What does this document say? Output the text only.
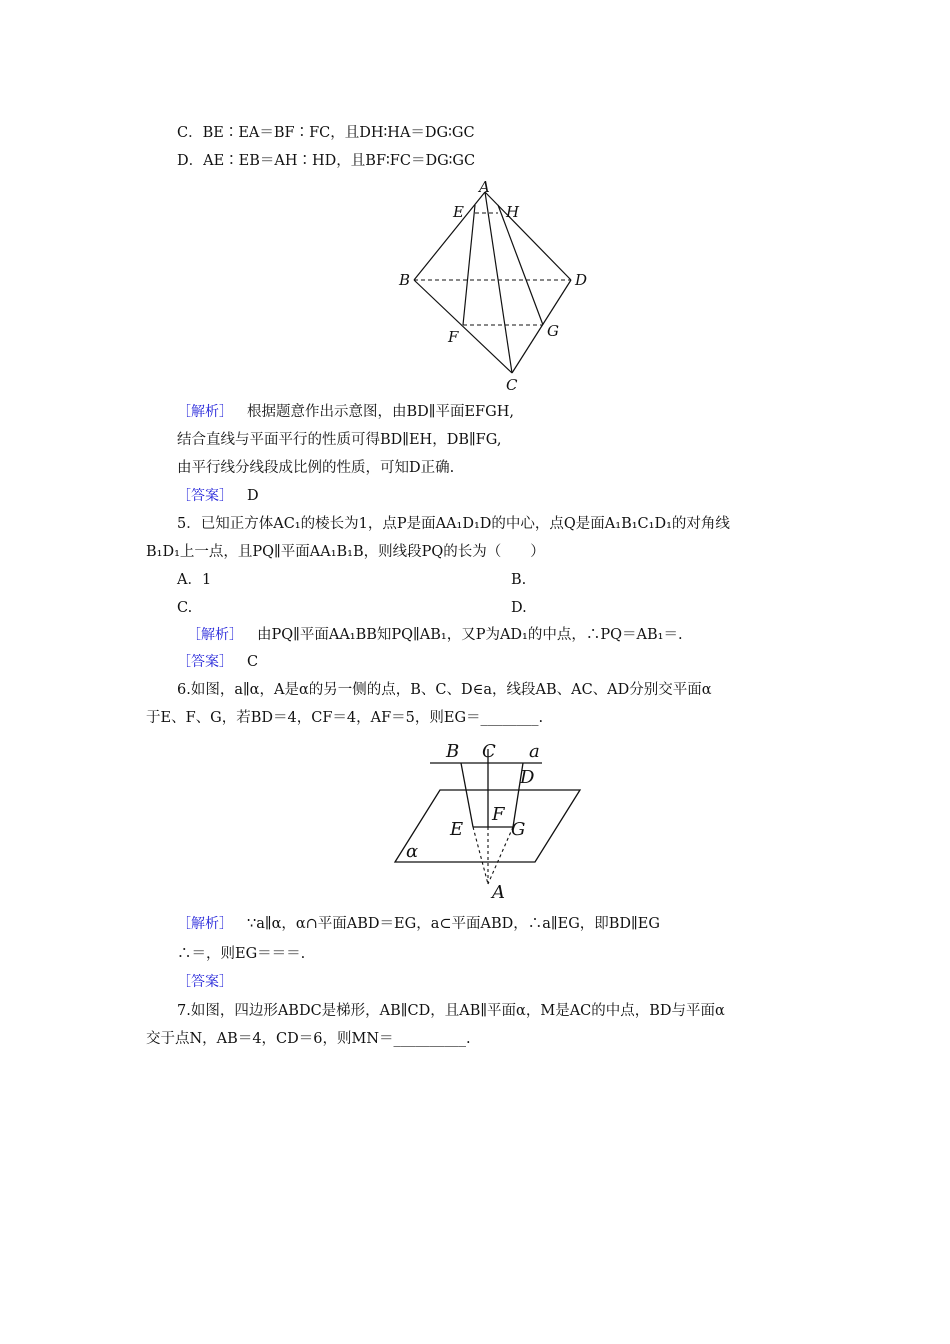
C．BE∶EA＝BF∶FC，且DH∶HA＝DG∶GC
D．AE∶EB＝AH∶HD，且BF∶FC＝DG∶GC
A
E	H
B	D
F	G
C
［解析］ 根据题意作出示意图，由BD∥平面EFGH,
结合直线与平面平行的性质可得BD∥EH，DB∥FG,
由平行线分线段成比例的性质，可知D正确.
［答案］ D
5．已知正方体AC₁的棱长为1，点P是面AA₁D₁D的中心，点Q是面A₁B₁C₁D₁的对角线
B₁D₁上一点，且PQ∥平面AA₁B₁B，则线段PQ的长为（　　）
A．1	B.
C.	D.
［解析］ 由PQ∥平面AA₁BB知PQ∥AB₁，又P为AD₁的中点，∴PQ＝AB₁＝.
［答案］ C
6.如图，a∥α，A是α的另一侧的点，B、C、D∈a，线段AB、AC、AD分别交平面α
于E、F、G，若BD＝4，CF＝4，AF＝5，则EG＝________.
B C a
D
F
E	G
α
A
［解析］ ∵a∥α，α∩平面ABD＝EG，a⊂平面ABD，∴a∥EG，即BD∥EG
∴＝，则EG＝＝＝.
［答案］
7.如图，四边形ABDC是梯形，AB∥CD，且AB∥平面α，M是AC的中点，BD与平面α
交于点N，AB＝4，CD＝6，则MN＝__________.
